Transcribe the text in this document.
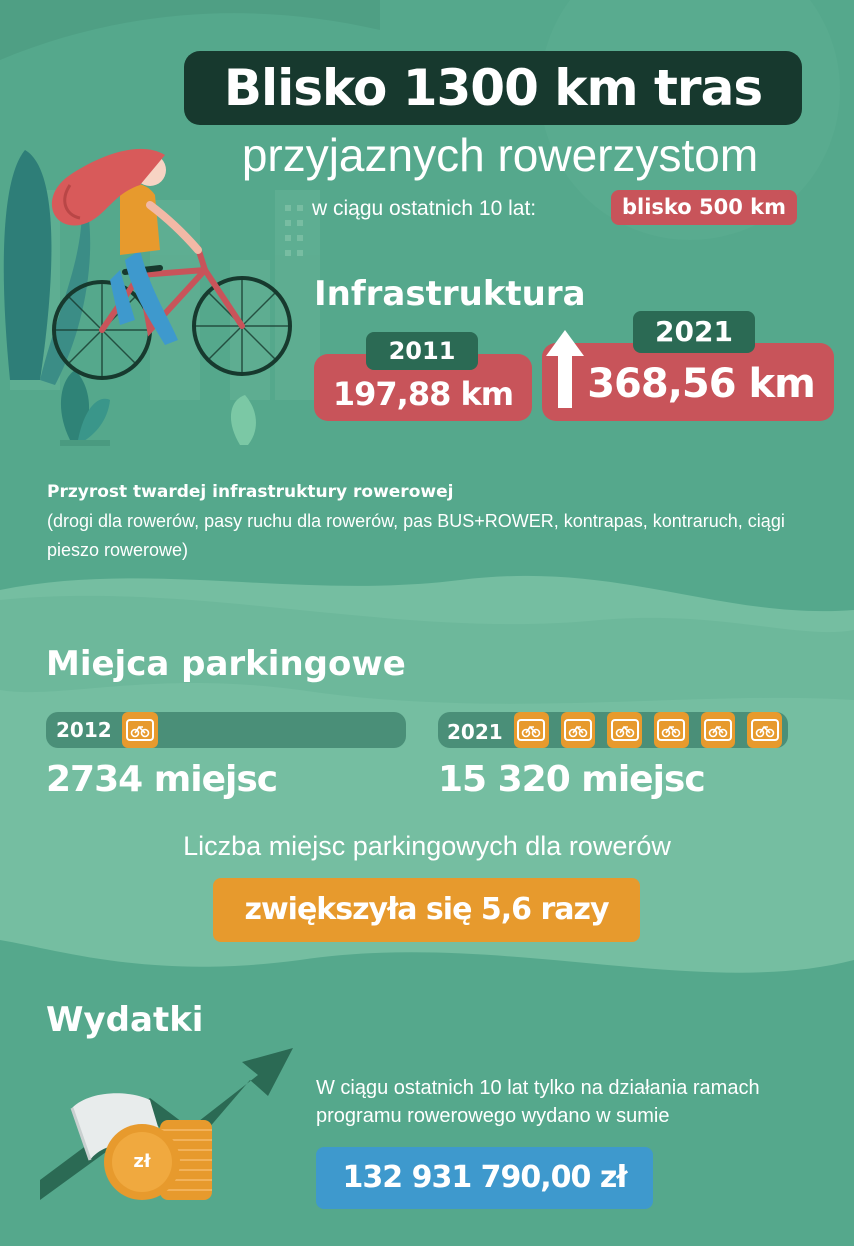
Blisko 1300 km tras
przyjaznych rowerzystom
w ciągu ostatnich 10 lat:	blisko 500 km
Infrastruktura
197,88 km
2011
368,56 km
2021
Przyrost twardej infrastruktury rowerowej
(drogi dla rowerów, pasy ruchu dla rowerów, pas BUS+ROWER, kontrapas, kontraruch, ciągi pieszo rowerowe)
Miejca parkingowe
2012	2021
2734 miejsc	15 320 miejsc
Liczba miejsc parkingowych dla rowerów
zwiększyła się 5,6 razy
Wydatki
zł
W ciągu ostatnich 10 lat tylko na działania ramach programu rowerowego wydano w sumie
132 931 790,00 zł
